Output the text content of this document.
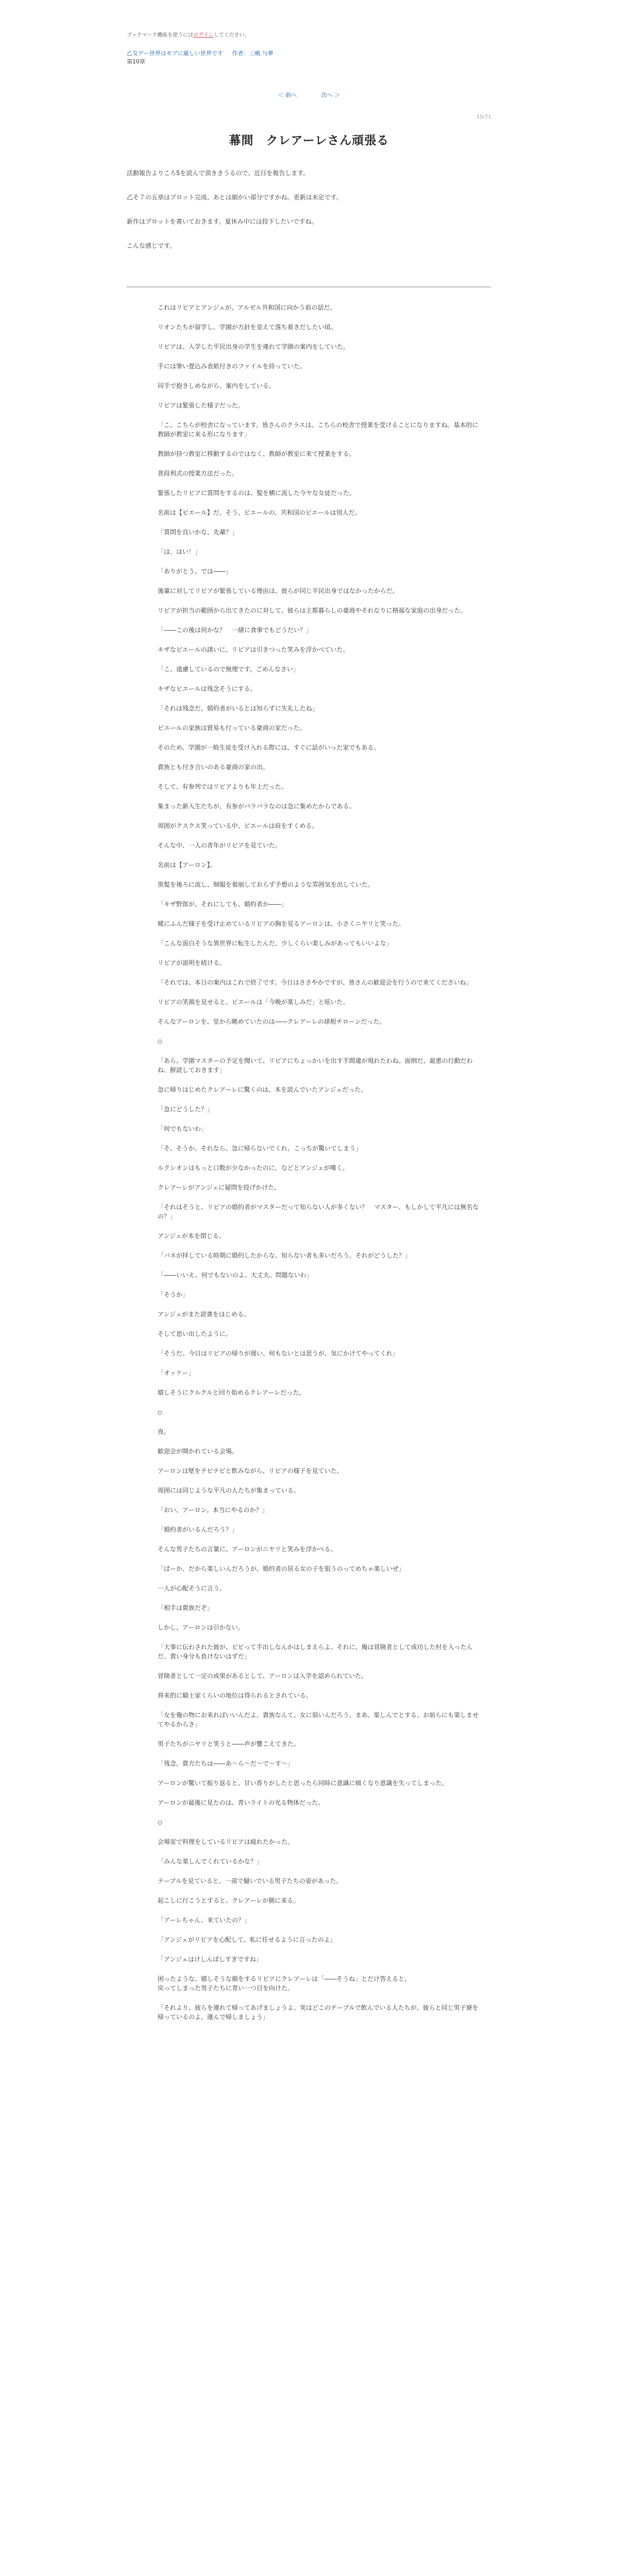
ブックマーク機能を使うにはログインしてください。
乙女ゲー世界はモブに厳しい世界です 作者：三嶋 与夢
第10章
＜ 前へ	次へ ＞
15/71
幕間　クレアーレさん頑張る

活動報告よりころ5を読んで頂ききうるので、近日を報告します。

乙そ７の五章はプロット完成、あとは細かい部分ですかね。更新は未定です。

新作はプロットを書いておきます。夏休み中には投下したいですね。

こんな感じです。

これはリビアとアンジェが、アルゼル共和国に向かう前の話だ。

リオンたちが留学し、学園が方針を変えて落ち着きだしたい頃。

リビアは、入学した平民出身の学生を連れて学園の案内をしていた。

手には筆い畳込み表紙付きのファイルを持っていた。

同手で抱きしめながら、案内をしている。

リビアは緊張した様子だった。

「こ、こちらが校舎になっています。皆さんのクラスは、こちらの校舎で授業を受けることになりますね。基本的に教師が教室に来る形になります」

教師が持つ教室に移動するのではなく、教師が教室に来て授業をする。

普段利式の授業方法だった。

緊張したリビアに質問をするのは、髪を横に流した今ヤな女徒だった。

名前は【ピエール】だ。そう、ピエールの、共和国のピエールは別人だ。

「質問を良いかな、先輩？」

「は、はい！」

「ありがとう、では――」

後輩に対してリビアが緊張している理由は、彼らが同じ平民出身ではなかったからだ。

リビアが担当の範囲から出てきたのに対して、彼らは主都暮らしの豪商やそれなりに格福な家庭の出身だった。

「――この後は何かな？　一緒に食事でもどうだい？」

キザなピエールの誘いに、リビアは引きつった笑みを浮かべていた。

「こ、遠慮しているので無理です。ごめんなさい」

キザなピエールは残念そうにする。

「それは残念だ。婚約者がいるとは知らずに失礼したね」

ピエールの家族は貿易も行っている豪商の家だった。

そのため、学園が一般生徒を受け入れる際には、すぐに話がいった家でもある。

貴族とも付き合いのある豪商の家の出。

そして、有参列ではリビアよりも年上だった。

集まった新入生たちが、有参がバラバラなのは急に集めたからである。

周囲がクスクス笑っている中、ピエールは肩をすくめる。

そんな中、一人の青年がリビアを見ていた。

名前は【アーロン】。

黒髪を後ろに流し、制服を着崩しておらず予想のような雰囲気を出していた。

「キザ野郎が、それにしても、婚約者か――」

暖にふんだ様子を受け止めているリビアの胸を見るアーロンは、小さくニヤリと笑った。

「こんな面白そうな異世界に転生したんだ。少しくらい楽しみがあってもいいよな」

リビアが説明を続ける。

「それでは、本日の案内はこれで終了です。今日はささやかですが、皆さんの歓迎会を行うので来てくださいね」

リビアの笑顔を見せると、ピエールは「今晩が楽しみだ」と呟いた。

そんなアーロンを、堂から眺めていたのは――クレアーレの球根チローンだった。

◇

「あら、学園マスターの予定を聞いて、リビアにちょっかいを出す手間違が現れたわね。面倒だ、最悪の行動だわね、鮮読しておきます」

急に帰りはじめたクレアーレに驚くのは、本を読んでいたアンジェだった。

「急にどうした？」

「何でもないわ」

「そ、そうか。それなら、急に帰らないでくれ。こっちが驚いてしまう」

ルクシオンはもっと口数が少なかったのに、などとアンジェが嘆く。

クレアーレがアンジェに疑問を投げかけた。

「それはそうと、リビアの婚約者がマスターだって知らない人が多くない？　マスター、もしかして平凡には無名なの？」

アンジェが本を閉じる。

「パネが拝している時期に婚約したからな。知らない者も多いだろう。それがどうした？」

「――いいえ、何でもないのよ。大丈夫。問題ないわ」

「そうか」

アンジェがまた読書をはじめる。

そして思い出したように。

「そうだ。今日はリビアの帰りが遅い。何もないとは思うが、気にかけてやってくれ」

「オッケー」

嬉しそうにクルクルと回り始めるクレアーレだった。

◇

夜。

歓迎会が開かれている会場。

アーロンは壁をテビテビと飲みながら、リビアの様子を見ていた。

周囲には同じような平凡の人たちが集まっている。

「おい、アーロン。本当にやるのか？」

「婚約者がいるんだろう？」

そんな男子たちの言葉に、アーロンがニヤリと笑みを浮かべる。

「ばーか、だから楽しいんだろうが。婚約者の居る女の子を狙うのってめちゃ楽しいぜ」

一人が心配そうに言う。

「相手は貴族だぞ」

しかし、アーロンは引かない。

「大事に伝わされた彼が、ビビって手出しなんかはしまえらよ。それに、俺は冒険者として成功した村を入ったんだ。貴い身分も負けないはずだ」

冒険者として一定の成果があるとして、アーロンは入学を認められていた。

将来的に騎士家くらいの地位は得られるとされている。

「女を俺の物にお来ればいいんだよ。貴族なんて、女に弱いんだろう。まあ、楽しんでとする。お前らにも楽しませてやるからさ」

男子たちがニヤリと笑うと――声が響こえてきた。

「残念。貴方たちは――あ～ら～だ～で～す～」

アーロンが驚いて振り返ると、甘い香りがしたと思ったら同時に意識に傾くなり意識を失ってしまった。

アーロンが最後に見たのは、青いライトの光る物体だった。

◇

会場室で料理をしているリビアは疲れたかった。

「みんな楽しんでくれているかな？」

テーブルを見ていると、一部で騒いでいる男子たちの姿があった。

起こしに行こうとすると、クレアーレが側に来る。

「アーレちゃん、来ていたの？」

「アンジェがリビアを心配して、私に任せるように言ったのよ」

「アンジェはけしんぱしすぎですね」

困ったような、嬉しそうな顔をするリビアにクレアーレは「――そうね」とだけ答えると、
戻ってしまった男子たちに青い一つ目を向けた。

「それより、彼らを連れて帰ってあげましょうよ。実はどこのテーブルで飲んでいる人たちが、彼らと同じ男子寮を帰っているのよ。運んで帰しましょう」
